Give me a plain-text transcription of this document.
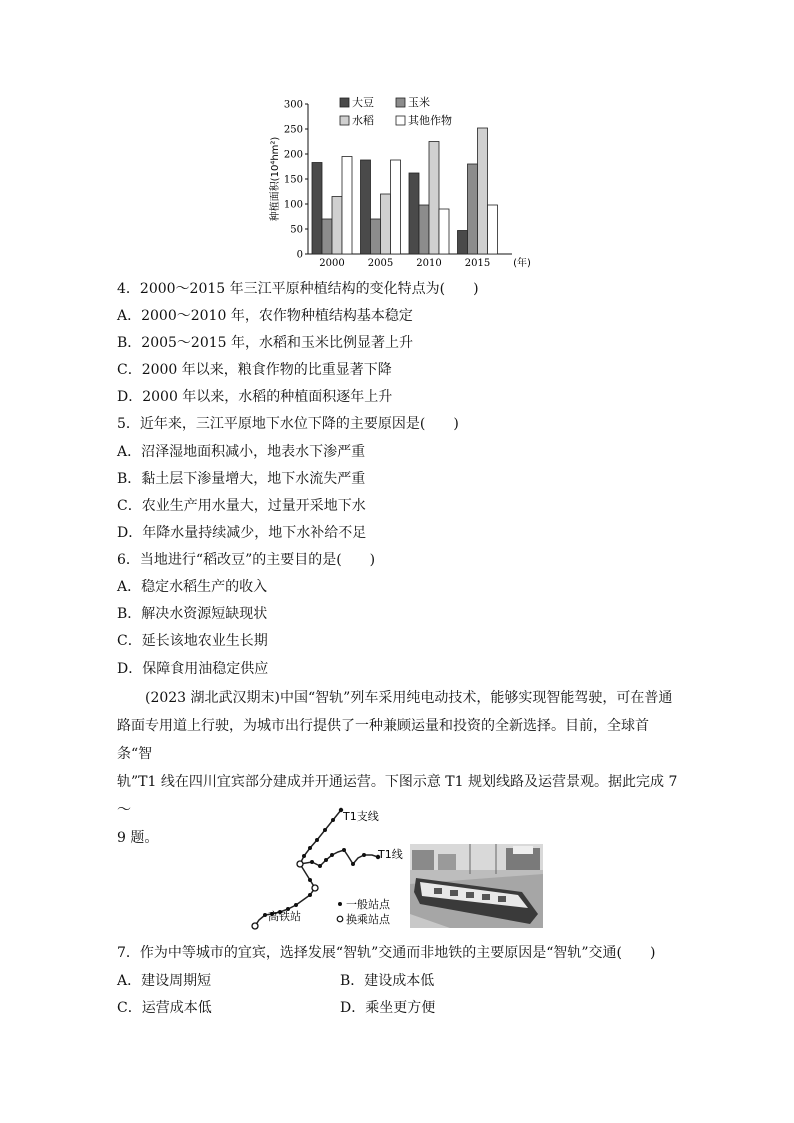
0
50
100
150
200
250
300
种植面积(10⁴hm²)
2000 2005 2010 2015 (年)
大豆	玉米
水稻	其他作物
4．2000～2015 年三江平原种植结构的变化特点为(　　)
A．2000～2010 年，农作物种植结构基本稳定
B．2005～2015 年，水稻和玉米比例显著上升
C．2000 年以来，粮食作物的比重显著下降
D．2000 年以来，水稻的种植面积逐年上升
5．近年来，三江平原地下水位下降的主要原因是(　　)
A．沼泽湿地面积减小，地表水下渗严重
B．黏土层下渗量增大，地下水流失严重
C．农业生产用水量大，过量开采地下水
D．年降水量持续减少，地下水补给不足
6．当地进行“稻改豆”的主要目的是(　　)
A．稳定水稻生产的收入
B．解决水资源短缺现状
C．延长该地农业生长期
D．保障食用油稳定供应
(2023 湖北武汉期末)中国“智轨”列车采用纯电动技术，能够实现智能驾驶，可在普通
路面专用道上行驶，为城市出行提供了一种兼顾运量和投资的全新选择。目前，全球首条“智
轨”T1 线在四川宜宾部分建成并开通运营。下图示意 T1 规划线路及运营景观。据此完成 7～
9 题。
T1支线
T1线
高铁站
一般站点
换乘站点
7．作为中等城市的宜宾，选择发展“智轨”交通而非地铁的主要原因是“智轨”交通(　　)
A．建设周期短	B．建设成本低
C．运营成本低	D．乘坐更方便
